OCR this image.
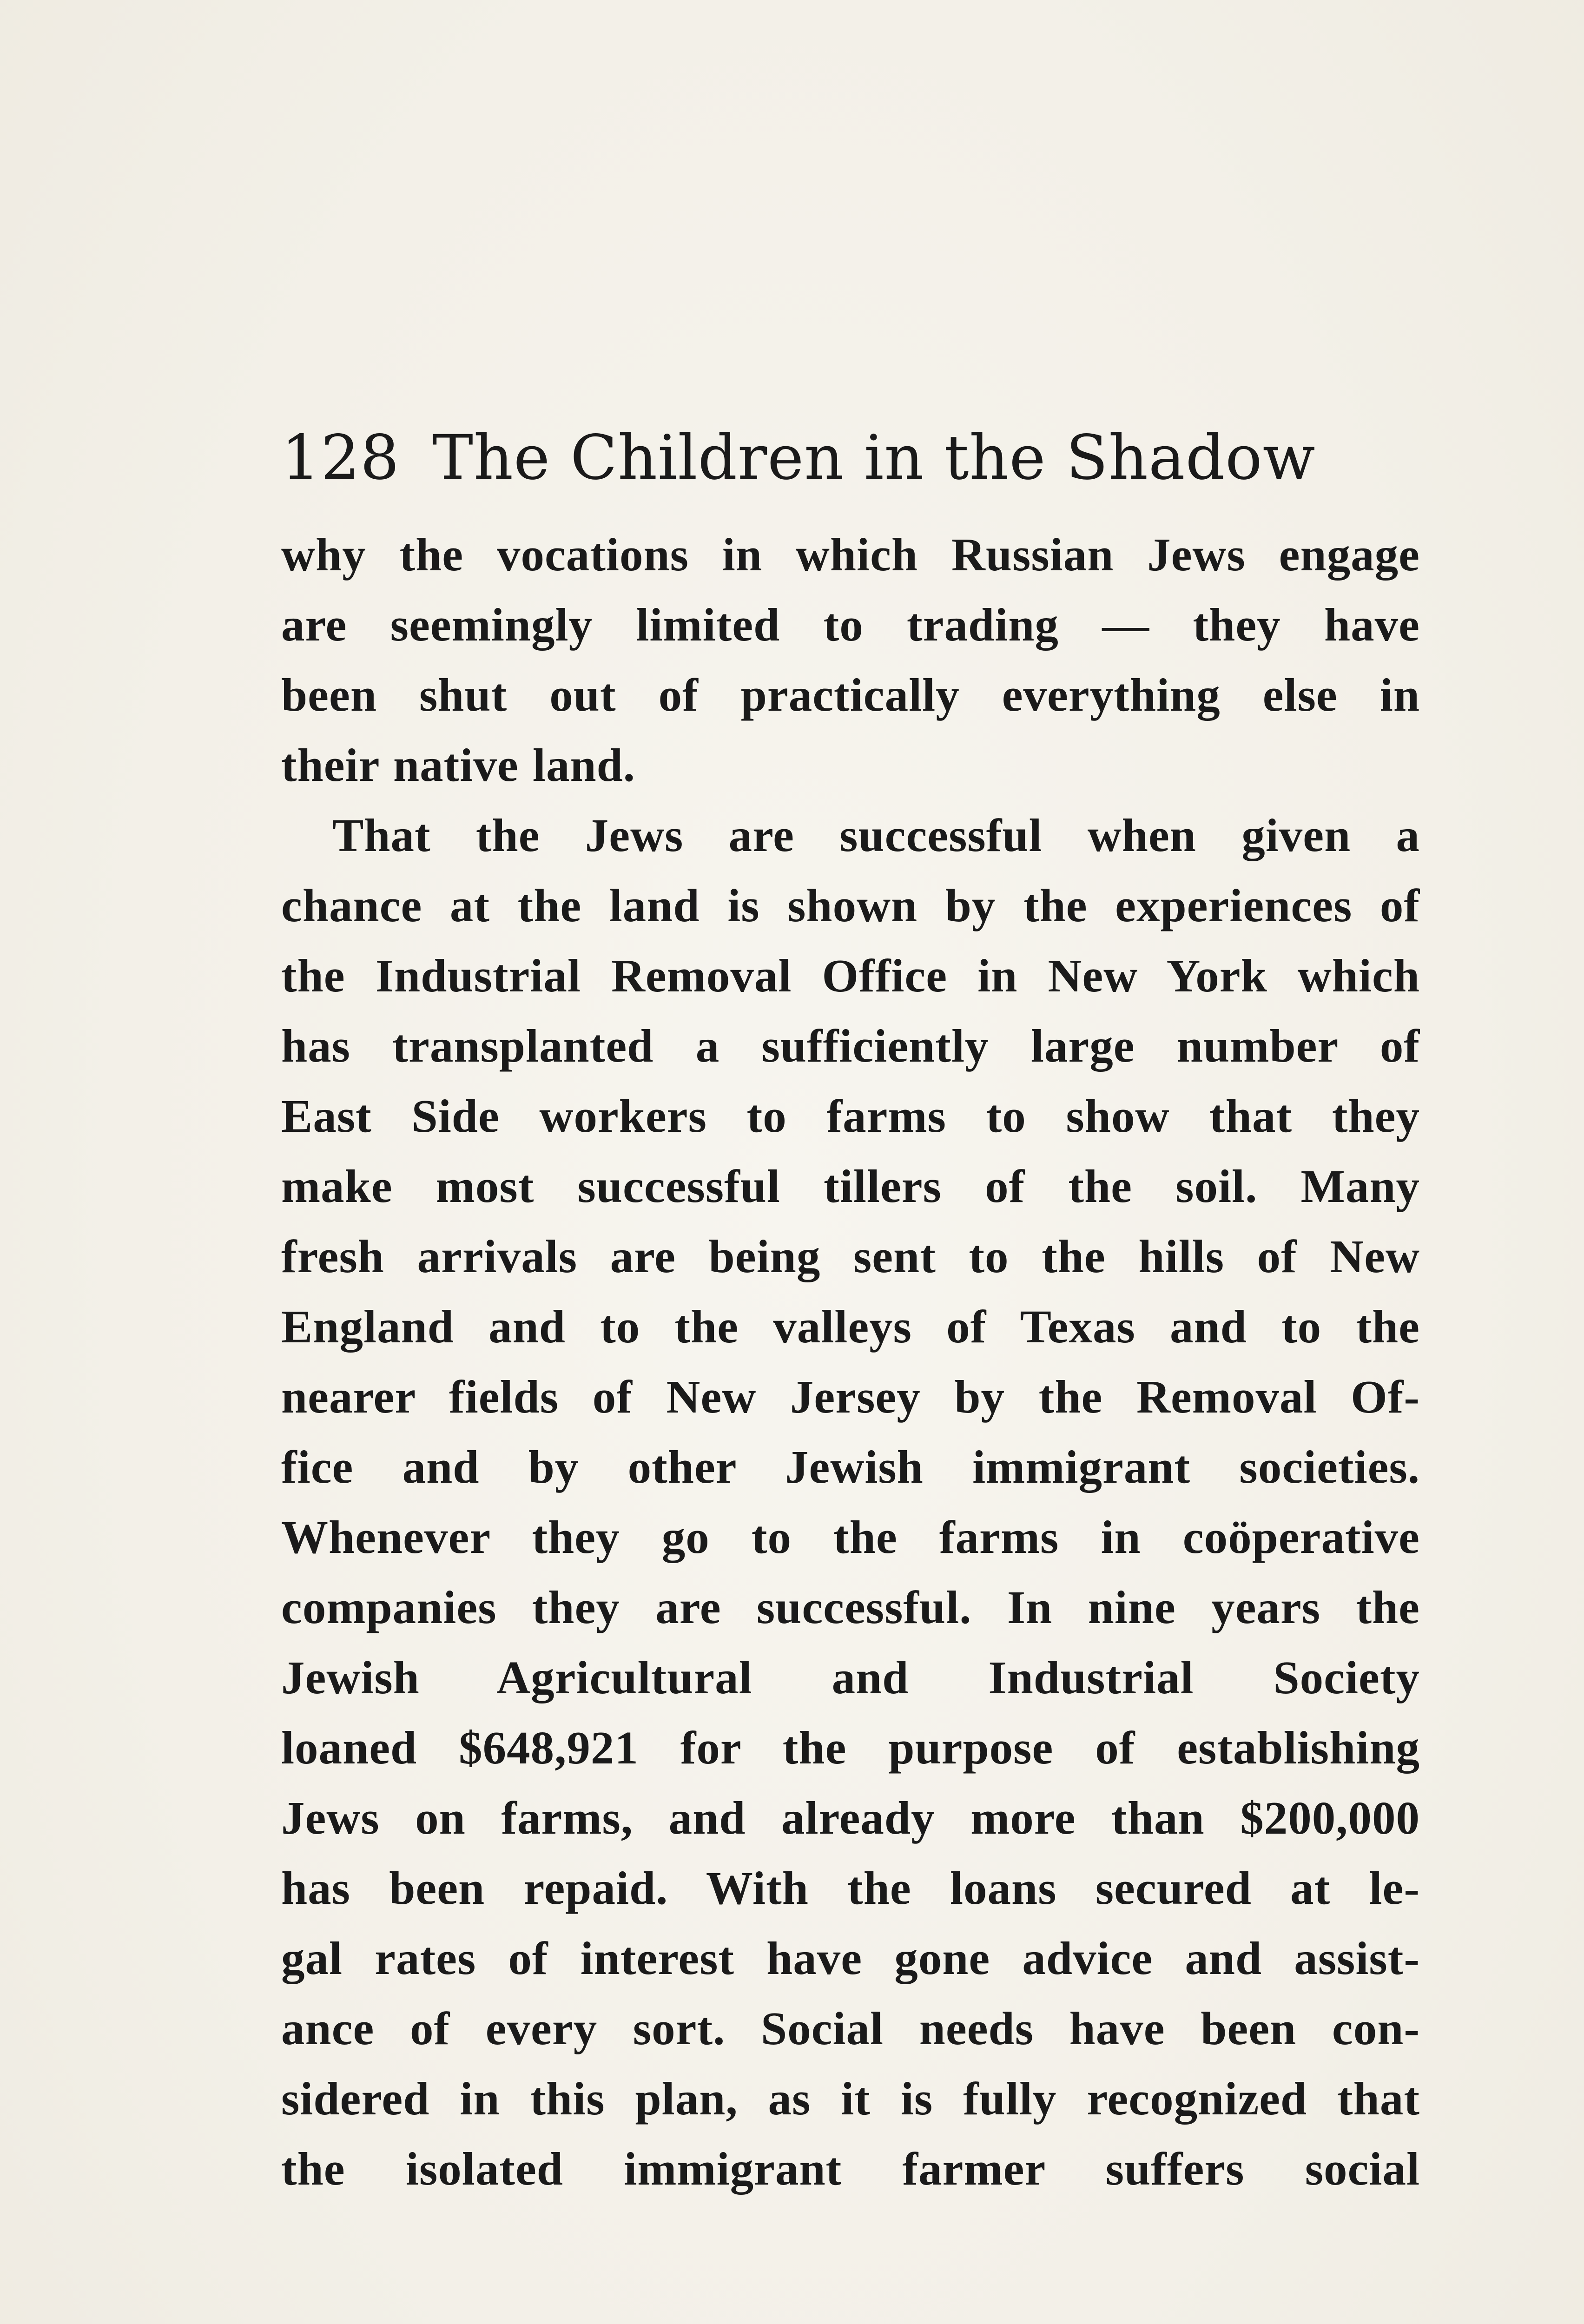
128 The Children in the Shadow
why the vocations in which Russian Jews engage
are seemingly limited to trading — they have
been shut out of practically everything else in
their native land.
That the Jews are successful when given a
chance at the land is shown by the experiences of
the Industrial Removal Office in New York which
has transplanted a sufficiently large number of
East Side workers to farms to show that they
make most successful tillers of the soil. Many
fresh arrivals are being sent to the hills of New
England and to the valleys of Texas and to the
nearer fields of New Jersey by the Removal Of-
fice and by other Jewish immigrant societies.
Whenever they go to the farms in coöperative
companies they are successful. In nine years the
Jewish Agricultural and Industrial Society
loaned $648,921 for the purpose of establishing
Jews on farms, and already more than $200,000
has been repaid. With the loans secured at le-
gal rates of interest have gone advice and assist-
ance of every sort. Social needs have been con-
sidered in this plan, as it is fully recognized that
the isolated immigrant farmer suffers social
